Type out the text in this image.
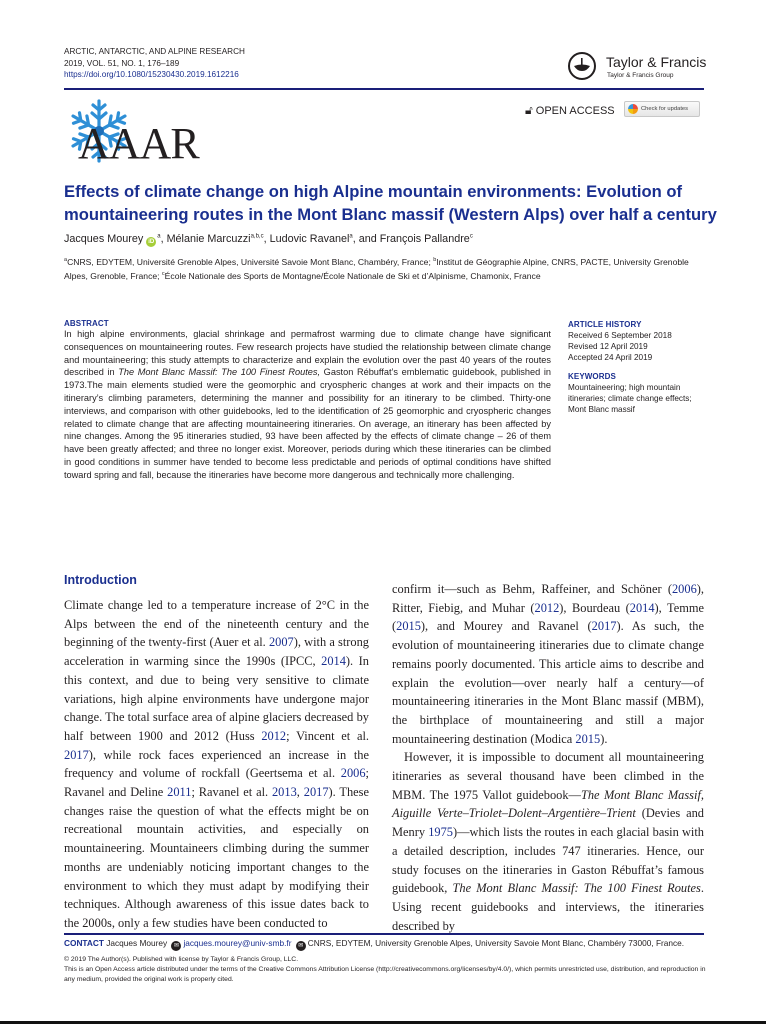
ARCTIC, ANTARCTIC, AND ALPINE RESEARCH
2019, VOL. 51, NO. 1, 176–189
https://doi.org/10.1080/15230430.2019.1612216
Taylor & Francis
Taylor & Francis Group
🔓︎ OPEN ACCESS	Check for updates
AAAR
Effects of climate change on high Alpine mountain environments: Evolution of mountaineering routes in the Mont Blanc massif (Western Alps) over half a century
Jacques Mourey $iD^a$, Mélanie Marcuzzi$^{a,b,c}$, Ludovic Ravanel$^a$, and François Pallandre$^c$
$^a$CNRS, EDYTEM, Université Grenoble Alpes, Université Savoie Mont Blanc, Chambéry, France; $^b$Institut de Géographie Alpine, CNRS, PACTE, University Grenoble Alpes, Grenoble, France; $^c$École Nationale des Sports de Montagne/École Nationale de Ski et d’Alpinisme, Chamonix, France
ABSTRACT
In high alpine environments, glacial shrinkage and permafrost warming due to climate change have significant consequences on mountaineering routes. Few research projects have studied the relationship between climate change and mountaineering; this study attempts to characterize and explain the evolution over the past 40 years of the routes described in The Mont Blanc Massif: The 100 Finest Routes, Gaston Rébuffat’s emblematic guidebook, published in 1973.The main elements studied were the geomorphic and cryospheric changes at work and their impacts on the itinerary’s climbing parameters, determining the manner and possibility for an itinerary to be climbed. Thirty-one interviews, and comparison with other guidebooks, led to the identification of 25 geomorphic and cryospheric changes related to climate change that are affecting mountaineering itineraries. On average, an itinerary has been affected by nine changes. Among the 95 itineraries studied, 93 have been affected by the effects of climate change – 26 of them have been greatly affected; and three no longer exist. Moreover, periods during which these itineraries can be climbed in good conditions in summer have tended to become less predictable and periods of optimal conditions have shifted toward spring and fall, because the itineraries have become more dangerous and technically more challenging.
ARTICLE HISTORY
Received 6 September 2018
Revised 12 April 2019
Accepted 24 April 2019
KEYWORDS
Mountaineering; high mountain itineraries; climate change effects; Mont Blanc massif
Introduction

Climate change led to a temperature increase of 2°C in the Alps between the end of the nineteenth century and the beginning of the twenty-first (Auer et al. 2007), with a strong acceleration in warming since the 1990s (IPCC, 2014). In this context, and due to being very sensitive to climate variations, high alpine environments have undergone major change. The total surface area of alpine glaciers decreased by half between 1900 and 2012 (Huss 2012; Vincent et al. 2017), while rock faces experienced an increase in the frequency and volume of rockfall (Geertsema et al. 2006; Ravanel and Deline 2011; Ravanel et al. 2013, 2017). These changes raise the question of what the effects might be on recreational mountain activities, and especially on mountaineering. Mountaineers climbing during the summer months are undeniably noticing important changes to the environment to which they must adapt by modifying their techniques. Although awareness of this issue dates back to the 2000s, only a few studies have been conducted to

confirm it—such as Behm, Raffeiner, and Schöner (2006), Ritter, Fiebig, and Muhar (2012), Bourdeau (2014), Temme (2015), and Mourey and Ravanel (2017). As such, the evolution of mountaineering itineraries due to climate change remains poorly documented. This article aims to describe and explain the evolution—over nearly half a century—of mountaineering itineraries in the Mont Blanc massif (MBM), the birthplace of mountaineering and still a major mountaineering destination (Modica 2015).

However, it is impossible to document all mountaineering itineraries as several thousand have been climbed in the MBM. The 1975 Vallot guidebook—The Mont Blanc Massif, Aiguille Verte–Triolet–Dolent–Argentière–Trient (Devies and Menry 1975)—which lists the routes in each glacial basin with a detailed description, includes 747 itineraries. Hence, our study focuses on the itineraries in Gaston Rébuffat’s famous guidebook, The Mont Blanc Massif: The 100 Finest Routes. Using recent guidebooks and interviews, the itineraries described by

CONTACT Jacques Mourey ✉ jacques.mourey@univ-smb.fr ✉ CNRS, EDYTEM, University Grenoble Alpes, University Savoie Mont Blanc, Chambéry 73000, France.
© 2019 The Author(s). Published with license by Taylor & Francis Group, LLC.
This is an Open Access article distributed under the terms of the Creative Commons Attribution License (http://creativecommons.org/licenses/by/4.0/), which permits unrestricted use, distribution, and reproduction in any medium, provided the original work is properly cited.
